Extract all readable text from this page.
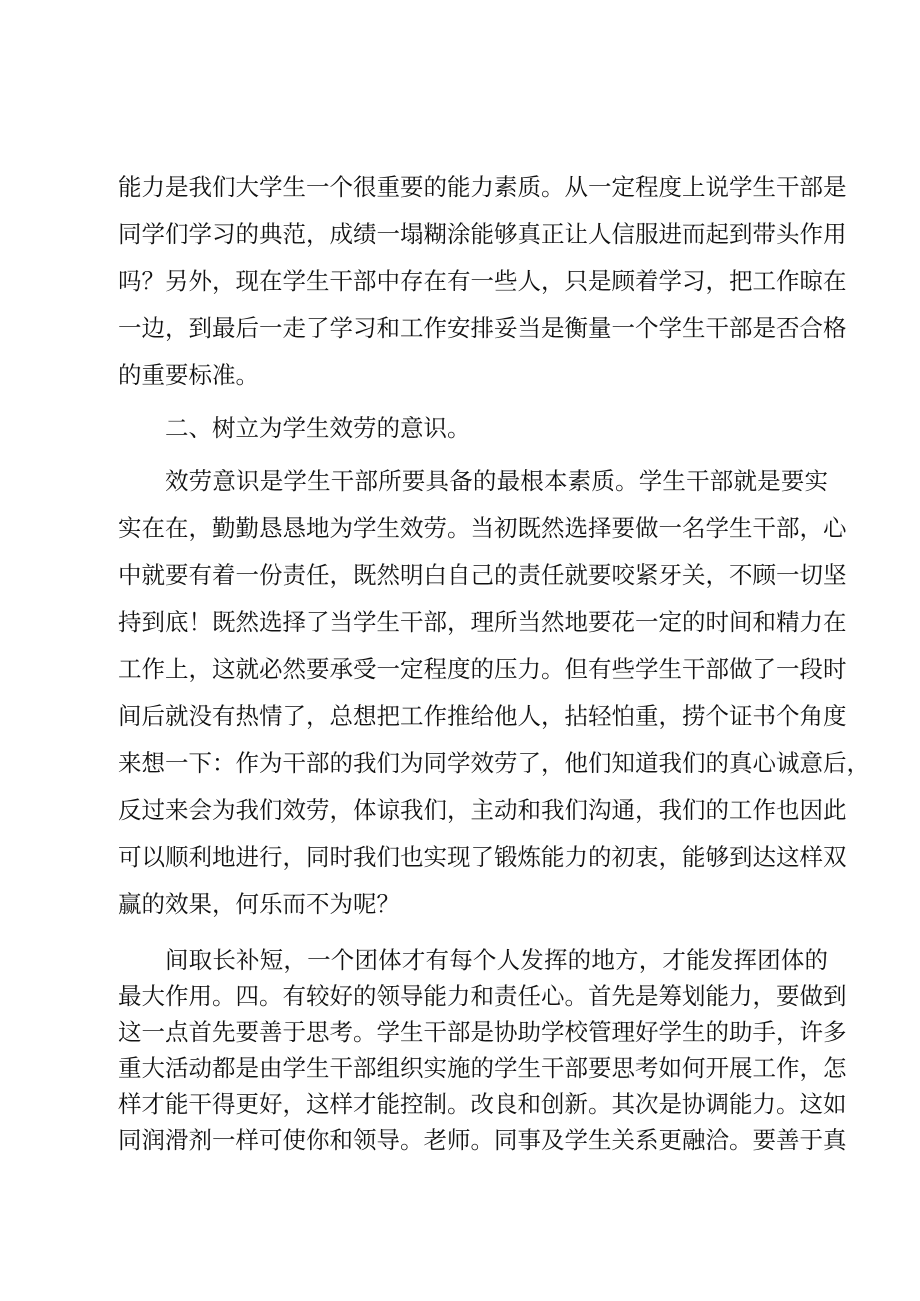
能力是我们大学生一个很重要的能力素质。从一定程度上说学生干部是

同学们学习的典范，成绩一塌糊涂能够真正让人信服进而起到带头作用

吗？另外，现在学生干部中存在有一些人，只是顾着学习，把工作晾在

一边，到最后一走了学习和工作安排妥当是衡量一个学生干部是否合格

的重要标准。

二、树立为学生效劳的意识。

效劳意识是学生干部所要具备的最根本素质。学生干部就是要实

实在在，勤勤恳恳地为学生效劳。当初既然选择要做一名学生干部，心

中就要有着一份责任，既然明白自己的责任就要咬紧牙关，不顾一切坚

持到底！既然选择了当学生干部，理所当然地要花一定的时间和精力在

工作上，这就必然要承受一定程度的压力。但有些学生干部做了一段时

间后就没有热情了，总想把工作推给他人，拈轻怕重，捞个证书个角度

来想一下：作为干部的我们为同学效劳了，他们知道我们的真心诚意后，

反过来会为我们效劳，体谅我们，主动和我们沟通，我们的工作也因此

可以顺利地进行，同时我们也实现了锻炼能力的初衷，能够到达这样双

赢的效果，何乐而不为呢？

间取长补短，一个团体才有每个人发挥的地方，才能发挥团体的

最大作用。四。有较好的领导能力和责任心。首先是筹划能力，要做到

这一点首先要善于思考。学生干部是协助学校管理好学生的助手，许多

重大活动都是由学生干部组织实施的学生干部要思考如何开展工作，怎

样才能干得更好，这样才能控制。改良和创新。其次是协调能力。这如

同润滑剂一样可使你和领导。老师。同事及学生关系更融洽。要善于真
